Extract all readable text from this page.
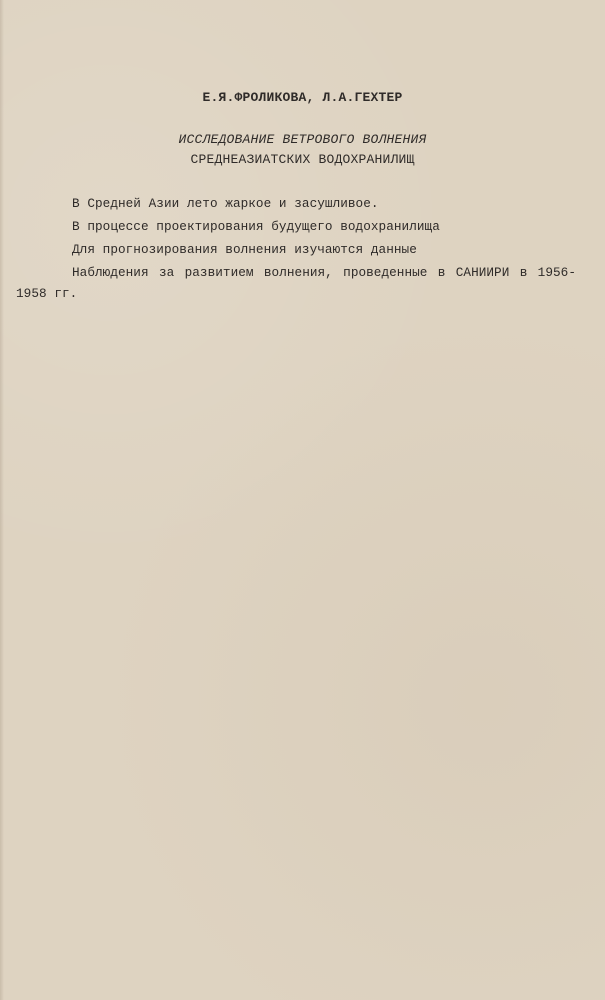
Е.Я.ФРОЛИКОВА, Л.А.ГЕХТЕР
ИССЛЕДОВАНИЕ ВЕТРОВОГО ВОЛНЕНИЯ
СРЕДНЕАЗИАТСКИХ ВОДОХРАНИЛИЩ

В Средней Азии лето жаркое и засушливое.

В процессе проектирования будущего водохранилища

Для прогнозирования волнения изучаются данные

Наблюдения за развитием волнения, проведенные в САНИИРИ в 1956-1958 гг.
